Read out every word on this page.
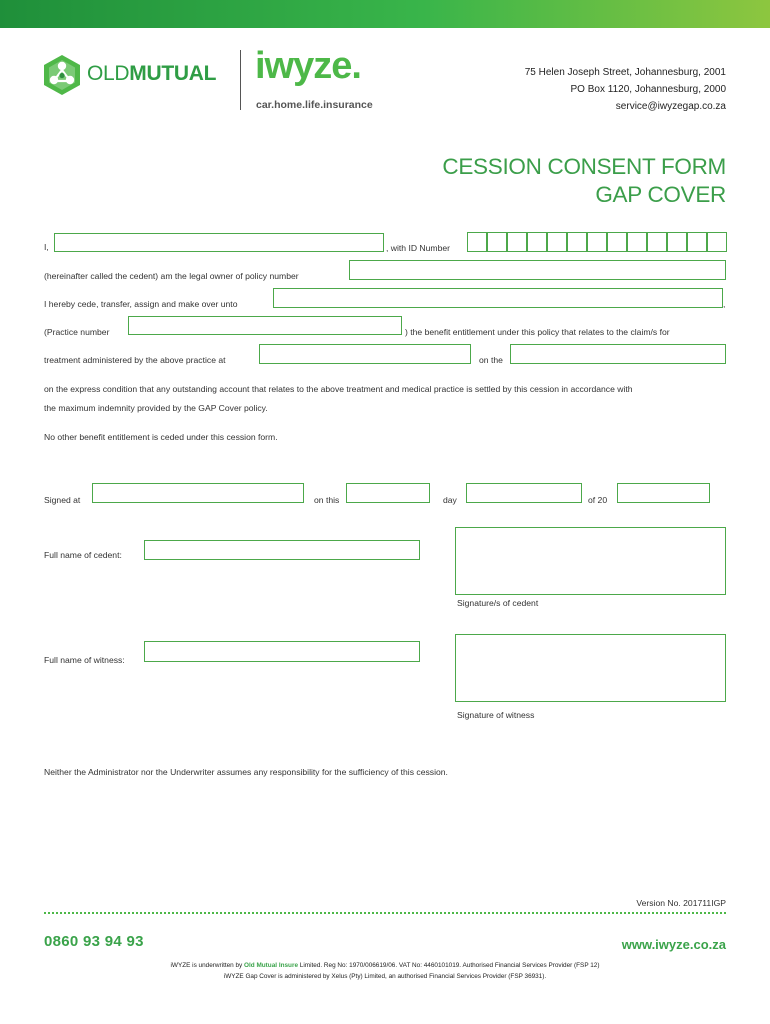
OLDMUTUAL iwyze.
car.home.life.insurance
75 Helen Joseph Street, Johannesburg, 2001
PO Box 1120, Johannesburg, 2000
service@iwyzegap.co.za
CESSION CONSENT FORM
GAP COVER
I,	, with ID Number
(hereinafter called the cedent) am the legal owner of policy number
I hereby cede, transfer, assign and make over unto	,
(Practice number	) the benefit entitlement under this policy that relates to the claim/s for
treatment administered by the above practice at	on the
on the express condition that any outstanding account that relates to the above treatment and medical practice is settled by this cession in accordance with
the maximum indemnity provided by the GAP Cover policy.
No other benefit entitlement is ceded under this cession form.
Signed at	on this	day	of 20
Full name of cedent:
Signature/s of cedent
Full name of witness:
Signature of witness
Neither the Administrator nor the Underwriter assumes any responsibility for the sufficiency of this cession.
Version No. 201711IGP
0860 93 94 93	www.iwyze.co.za
iWYZE is underwritten by Old Mutual Insure Limited. Reg No: 1970/006619/06. VAT No: 4460101019. Authorised Financial Services Provider (FSP 12)
iWYZE Gap Cover is administered by Xelus (Pty) Limited, an authorised Financial Services Provider (FSP 36931).
